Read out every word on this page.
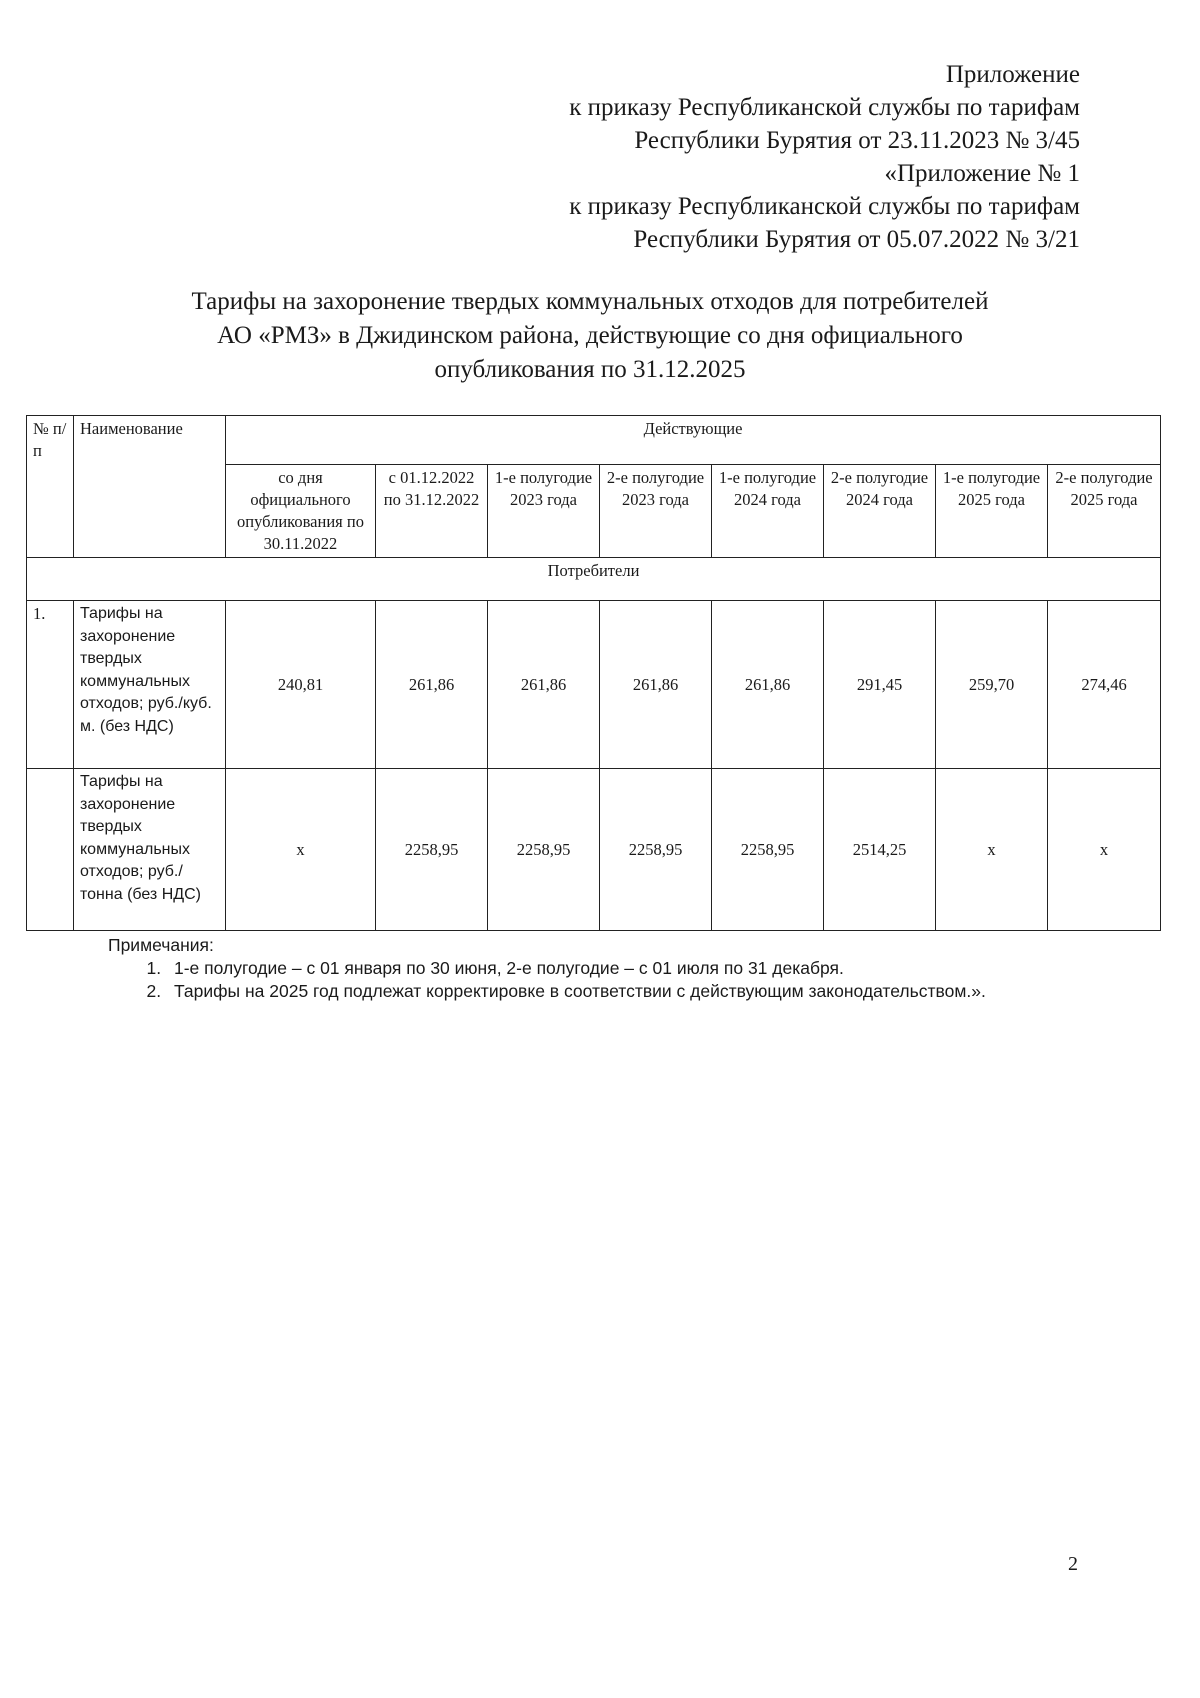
Приложение
к приказу Республиканской службы по тарифам
Республики Бурятия от 23.11.2023 № 3/45
«Приложение № 1
к приказу Республиканской службы по тарифам
Республики Бурятия от 05.07.2022 № 3/21
Тарифы на захоронение твердых коммунальных отходов для потребителей
АО «РМЗ» в Джидинском района, действующие со дня официального
опубликования по 31.12.2025
№ п/п	Наименование	Действующие							
		со дня официального опубликования по 30.11.2022	с 01.12.2022 по 31.12.2022	1-е полугодие 2023 года	2-е полугодие 2023 года	1-е полугодие 2024 года	2-е полугодие 2024 года	1-е полугодие 2025 года	2-е полугодие 2025 года
Потребители									
1.	Тарифы на захоронение твердых коммунальных отходов; руб./куб. м. (без НДС)	240,81	261,86	261,86	261,86	261,86	291,45	259,70	274,46
	Тарифы на захоронение твердых коммунальных отходов; руб./тонна (без НДС)	x	2258,95	2258,95	2258,95	2258,95	2514,25	x	x
Примечания:
1. 1-е полугодие – с 01 января по 30 июня, 2-е полугодие – с 01 июля по 31 декабря.
2. Тарифы на 2025 год подлежат корректировке в соответствии с действующим законодательством.».
2
